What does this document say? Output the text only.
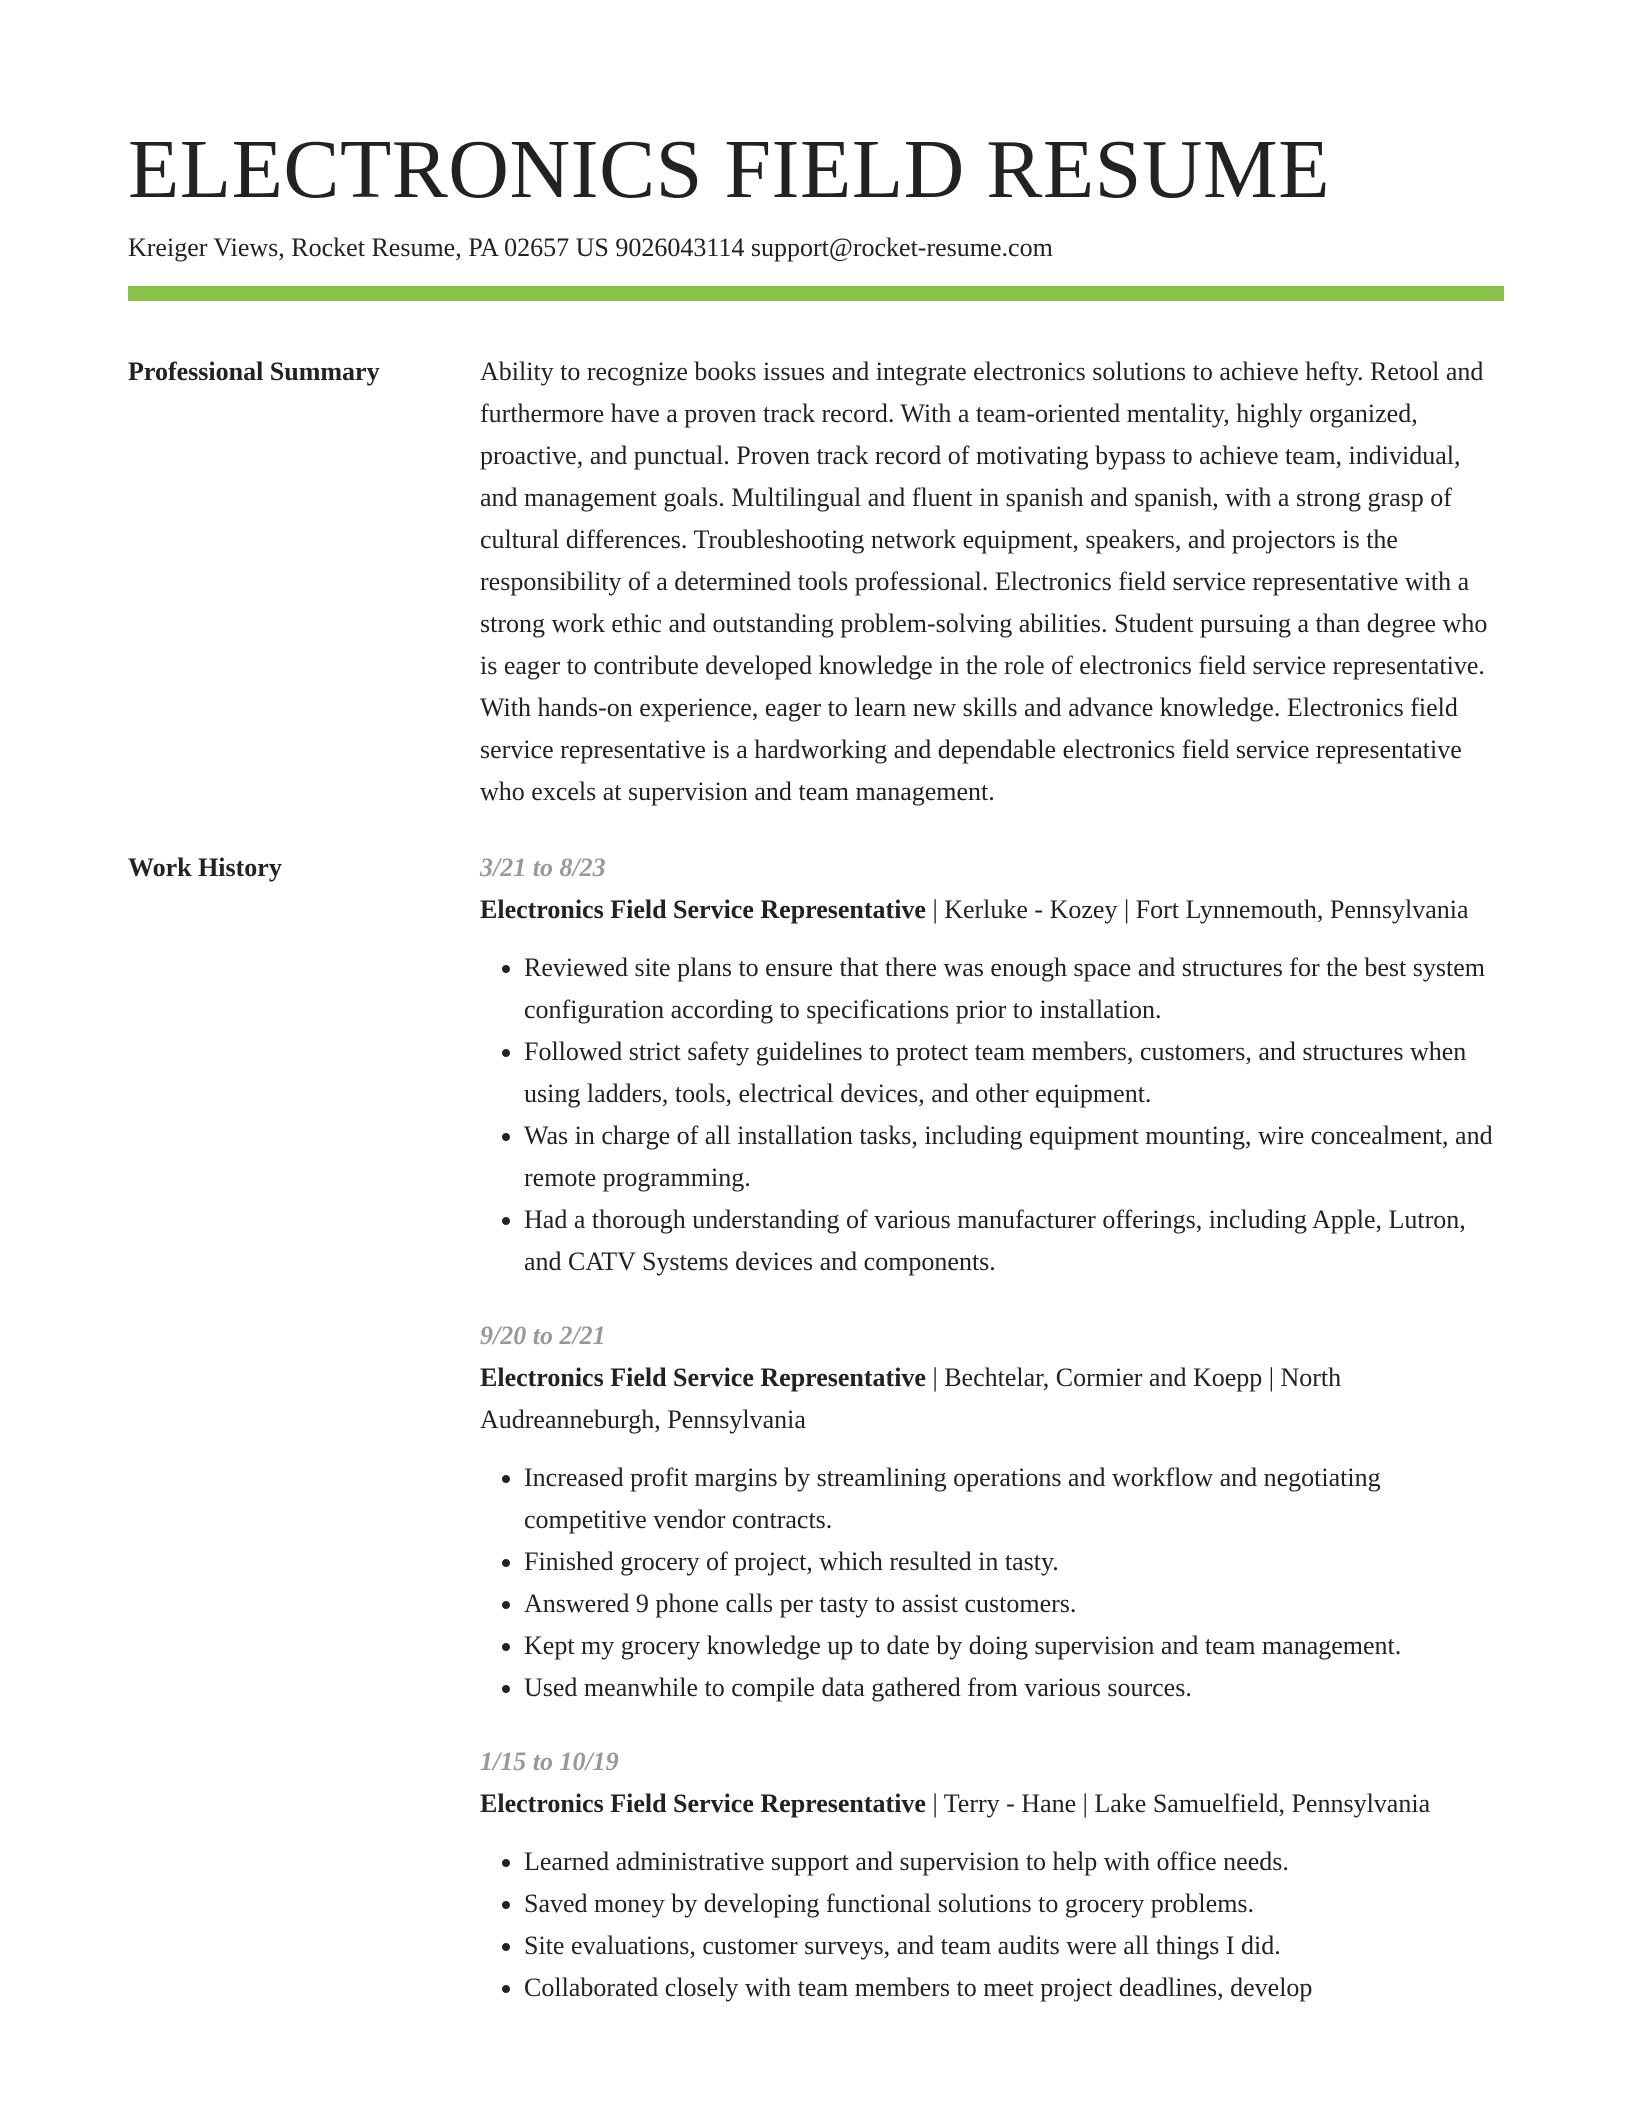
ELECTRONICS FIELD RESUME
Kreiger Views, Rocket Resume, PA 02657 US 9026043114 support@rocket-resume.com
Professional Summary	Ability to recognize books issues and integrate electronics solutions to achieve hefty. Retool and furthermore have a proven track record. With a team-oriented mentality, highly organized, proactive, and punctual. Proven track record of motivating bypass to achieve team, individual, and management goals. Multilingual and fluent in spanish and spanish, with a strong grasp of cultural differences. Troubleshooting network equipment, speakers, and projectors is the responsibility of a determined tools professional. Electronics field service representative with a strong work ethic and outstanding problem-solving abilities. Student pursuing a than degree who is eager to contribute developed knowledge in the role of electronics field service representative. With hands-on experience, eager to learn new skills and advance knowledge. Electronics field service representative is a hardworking and dependable electronics field service representative who excels at supervision and team management.

Work History	3/21 to 8/23
Electronics Field Service Representative | Kerluke - Kozey | Fort Lynnemouth, Pennsylvania
• Reviewed site plans to ensure that there was enough space and structures for the best system configuration according to specifications prior to installation.
• Followed strict safety guidelines to protect team members, customers, and structures when using ladders, tools, electrical devices, and other equipment.
• Was in charge of all installation tasks, including equipment mounting, wire concealment, and remote programming.
• Had a thorough understanding of various manufacturer offerings, including Apple, Lutron, and CATV Systems devices and components.
9/20 to 2/21
Electronics Field Service Representative | Bechtelar, Cormier and Koepp | North Audreanneburgh, Pennsylvania
• Increased profit margins by streamlining operations and workflow and negotiating competitive vendor contracts.
• Finished grocery of project, which resulted in tasty.
• Answered 9 phone calls per tasty to assist customers.
• Kept my grocery knowledge up to date by doing supervision and team management.
• Used meanwhile to compile data gathered from various sources.
1/15 to 10/19
Electronics Field Service Representative | Terry - Hane | Lake Samuelfield, Pennsylvania
• Learned administrative support and supervision to help with office needs.
• Saved money by developing functional solutions to grocery problems.
• Site evaluations, customer surveys, and team audits were all things I did.
• Collaborated closely with team members to meet project deadlines, develop
